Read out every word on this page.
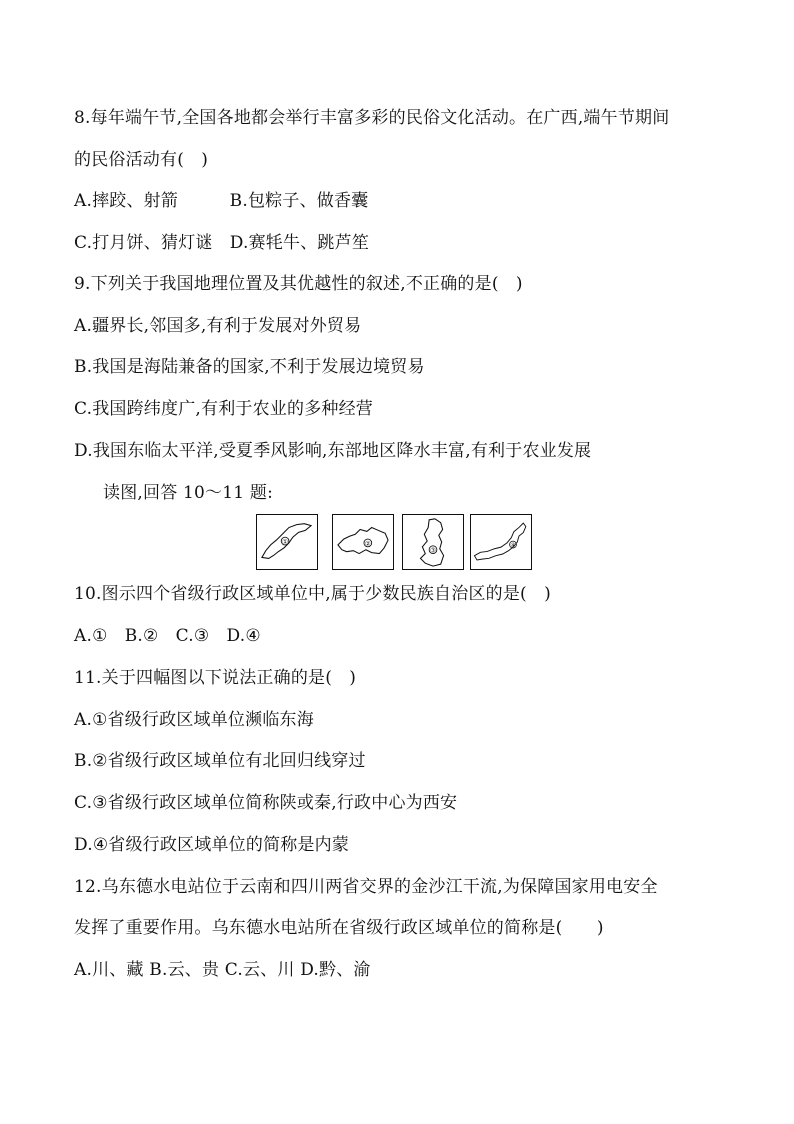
8.每年端午节,全国各地都会举行丰富多彩的民俗文化活动。在广西,端午节期间
的民俗活动有(　)
A.摔跤、射箭　　　B.包粽子、做香囊
C.打月饼、猜灯谜　D.赛牦牛、跳芦笙
9.下列关于我国地理位置及其优越性的叙述,不正确的是(　)
A.疆界长,邻国多,有利于发展对外贸易
B.我国是海陆兼备的国家,不利于发展边境贸易
C.我国跨纬度广,有利于农业的多种经营
D.我国东临太平洋,受夏季风影响,东部地区降水丰富,有利于农业发展
读图,回答 10～11 题:
①	②
③
④
10.图示四个省级行政区域单位中,属于少数民族自治区的是(　)
A.①　B.②　C.③　D.④
11.关于四幅图以下说法正确的是(　)
A.①省级行政区域单位濒临东海
B.②省级行政区域单位有北回归线穿过
C.③省级行政区域单位简称陕或秦,行政中心为西安
D.④省级行政区域单位的简称是内蒙
12.乌东德水电站位于云南和四川两省交界的金沙江干流,为保障国家用电安全
发挥了重要作用。乌东德水电站所在省级行政区域单位的简称是(　　)
A.川、藏 B.云、贵 C.云、川 D.黔、渝
